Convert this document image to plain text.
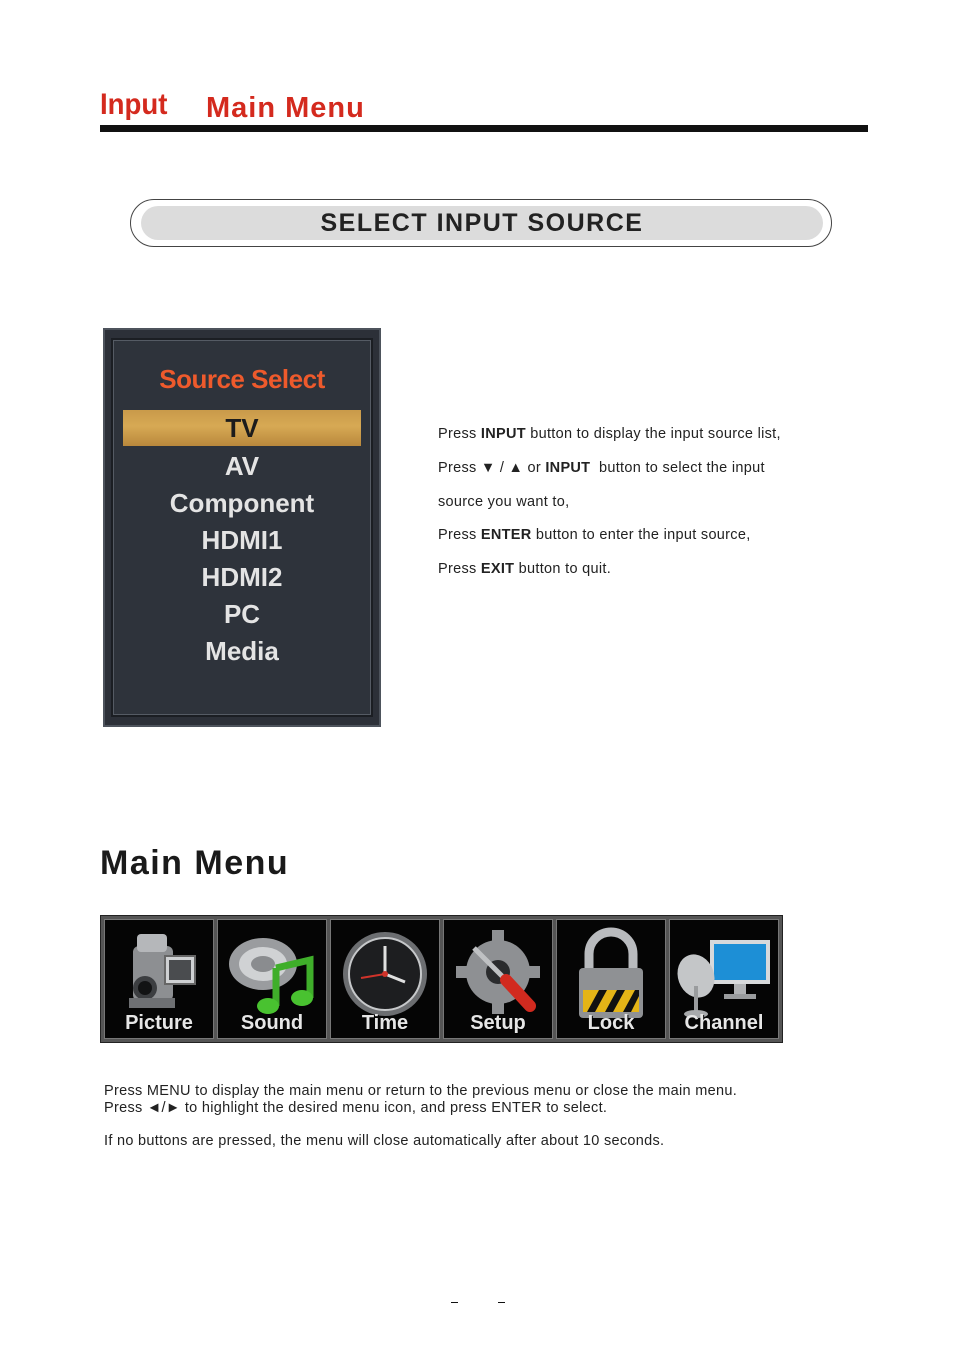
Input Main Menu
SELECT INPUT SOURCE
Source Select
TV
AV
Component
HDMI1
HDMI2
PC
Media
Press INPUT button to display the input source list,
Press ▼ / ▲ or INPUT  button to select the input
source you want to,
Press ENTER button to enter the input source,
Press EXIT button to quit.
Main Menu
Picture	Sound	Time	Setup	Lock	Channel
Press MENU to display the main menu or return to the previous menu or close the main menu.
Press ◄/► to highlight the desired menu icon, and press ENTER to select.
If no buttons are pressed, the menu will close automatically after about 10 seconds.
